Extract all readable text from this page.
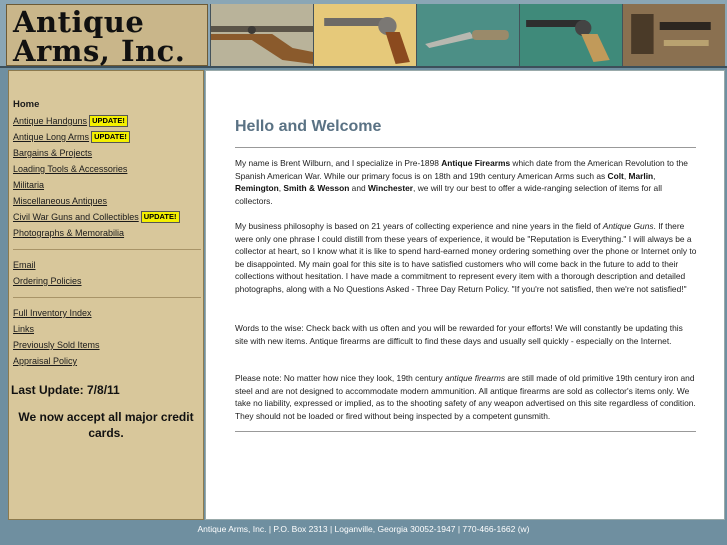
Antique
Arms, Inc.
Home
Antique Handguns UPDATE!
Antique Long Arms UPDATE!
Bargains & Projects
Loading Tools & Accessories
Militaria
Miscellaneous Antiques
Civil War Guns and Collectibles UPDATE!
Photographs & Memorabilia
Email
Ordering Policies
Full Inventory Index
Links
Previously Sold Items
Appraisal Policy
Last Update: 7/8/11
We now accept all major credit cards.
Hello and Welcome
My name is Brent Wilburn, and I specialize in Pre-1898 Antique Firearms which date from the American Revolution to the Spanish American War. While our primary focus is on 18th and 19th century American Arms such as Colt, Marlin, Remington, Smith & Wesson and Winchester, we will try our best to offer a wide-ranging selection of items for all collectors.
My business philosophy is based on 21 years of collecting experience and nine years in the field of Antique Guns. If there were only one phrase I could distill from these years of experience, it would be "Reputation is Everything." I will always be a collector at heart, so I know what it is like to spend hard-earned money ordering something over the phone or Internet only to be disappointed. My main goal for this site is to have satisfied customers who will come back in the future to add to their collections without hesitation. I have made a commitment to represent every item with a thorough description and detailed photographs, along with a No Questions Asked - Three Day Return Policy. "If you're not satisfied, then we're not satisfied!"
Words to the wise: Check back with us often and you will be rewarded for your efforts! We will constantly be updating this site with new items. Antique firearms are difficult to find these days and usually sell quickly - especially on the Internet.
Please note: No matter how nice they look, 19th century antique firearms are still made of old primitive 19th century iron and steel and are not designed to accommodate modern ammunition. All antique firearms are sold as collector's items only. We take no liability, expressed or implied, as to the shooting safety of any weapon advertised on this site regardless of condition. They should not be loaded or fired without being inspected by a competent gunsmith.
Antique Arms, Inc. | P.O. Box 2313 | Loganville, Georgia 30052-1947 | 770-466-1662 (w)
